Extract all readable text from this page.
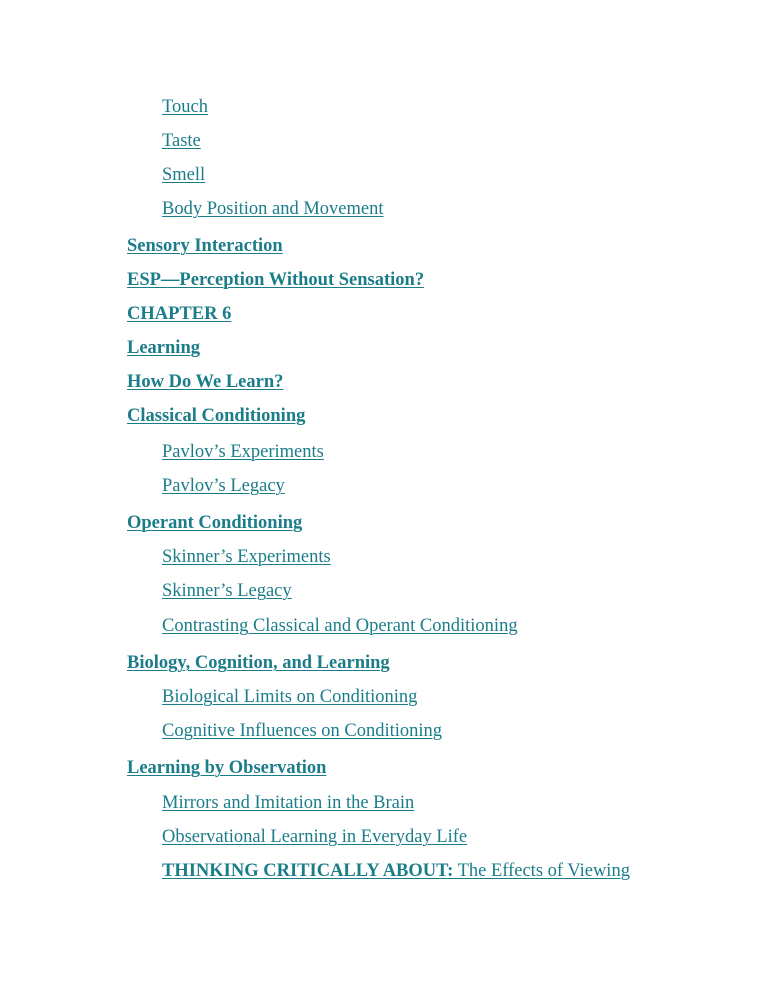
Touch
Taste
Smell
Body Position and Movement
Sensory Interaction
ESP—Perception Without Sensation?
CHAPTER 6
Learning
How Do We Learn?
Classical Conditioning
Pavlov’s Experiments
Pavlov’s Legacy
Operant Conditioning
Skinner’s Experiments
Skinner’s Legacy
Contrasting Classical and Operant Conditioning
Biology, Cognition, and Learning
Biological Limits on Conditioning
Cognitive Influences on Conditioning
Learning by Observation
Mirrors and Imitation in the Brain
Observational Learning in Everyday Life
THINKING CRITICALLY ABOUT: The Effects of Viewing
